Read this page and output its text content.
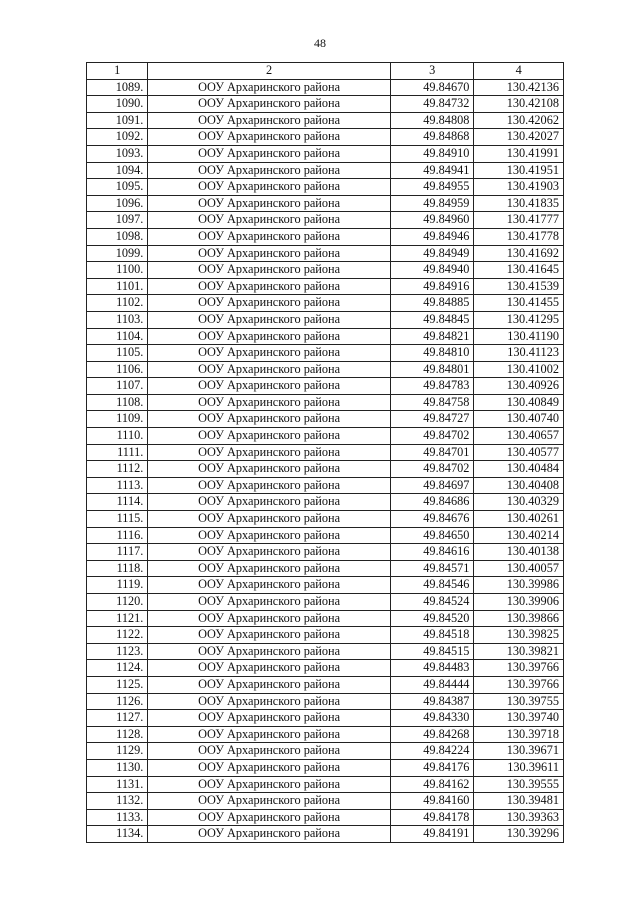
48
1	2	3	4
1089.	ООУ Архаринского района	49.84670	130.42136
1090.	ООУ Архаринского района	49.84732	130.42108
1091.	ООУ Архаринского района	49.84808	130.42062
1092.	ООУ Архаринского района	49.84868	130.42027
1093.	ООУ Архаринского района	49.84910	130.41991
1094.	ООУ Архаринского района	49.84941	130.41951
1095.	ООУ Архаринского района	49.84955	130.41903
1096.	ООУ Архаринского района	49.84959	130.41835
1097.	ООУ Архаринского района	49.84960	130.41777
1098.	ООУ Архаринского района	49.84946	130.41778
1099.	ООУ Архаринского района	49.84949	130.41692
1100.	ООУ Архаринского района	49.84940	130.41645
1101.	ООУ Архаринского района	49.84916	130.41539
1102.	ООУ Архаринского района	49.84885	130.41455
1103.	ООУ Архаринского района	49.84845	130.41295
1104.	ООУ Архаринского района	49.84821	130.41190
1105.	ООУ Архаринского района	49.84810	130.41123
1106.	ООУ Архаринского района	49.84801	130.41002
1107.	ООУ Архаринского района	49.84783	130.40926
1108.	ООУ Архаринского района	49.84758	130.40849
1109.	ООУ Архаринского района	49.84727	130.40740
1110.	ООУ Архаринского района	49.84702	130.40657
1111.	ООУ Архаринского района	49.84701	130.40577
1112.	ООУ Архаринского района	49.84702	130.40484
1113.	ООУ Архаринского района	49.84697	130.40408
1114.	ООУ Архаринского района	49.84686	130.40329
1115.	ООУ Архаринского района	49.84676	130.40261
1116.	ООУ Архаринского района	49.84650	130.40214
1117.	ООУ Архаринского района	49.84616	130.40138
1118.	ООУ Архаринского района	49.84571	130.40057
1119.	ООУ Архаринского района	49.84546	130.39986
1120.	ООУ Архаринского района	49.84524	130.39906
1121.	ООУ Архаринского района	49.84520	130.39866
1122.	ООУ Архаринского района	49.84518	130.39825
1123.	ООУ Архаринского района	49.84515	130.39821
1124.	ООУ Архаринского района	49.84483	130.39766
1125.	ООУ Архаринского района	49.84444	130.39766
1126.	ООУ Архаринского района	49.84387	130.39755
1127.	ООУ Архаринского района	49.84330	130.39740
1128.	ООУ Архаринского района	49.84268	130.39718
1129.	ООУ Архаринского района	49.84224	130.39671
1130.	ООУ Архаринского района	49.84176	130.39611
1131.	ООУ Архаринского района	49.84162	130.39555
1132.	ООУ Архаринского района	49.84160	130.39481
1133.	ООУ Архаринского района	49.84178	130.39363
1134.	ООУ Архаринского района	49.84191	130.39296
